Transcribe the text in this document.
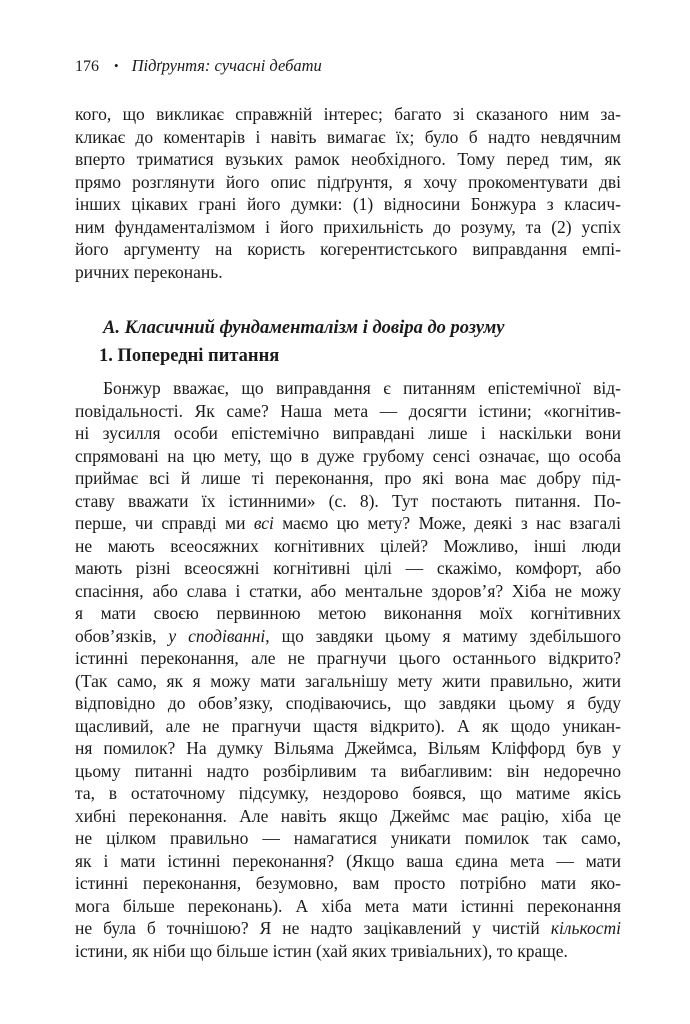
176 • Підґрунтя: сучасні дебати
кого, що викликає справжній інтерес; багато зі сказаного ним за-
кликає до коментарів і навіть вимагає їх; було б надто невдячним
вперто триматися вузьких рамок необхідного. Тому перед тим, як
прямо розглянути його опис підґрунтя, я хочу прокоментувати дві
інших цікавих грані його думки: (1) відносини Бонжура з класич-
ним фундаменталізмом і його прихильність до розуму, та (2) успіх
його аргументу на користь когерентистського виправдання емпі-
ричних переконань.
А. Класичний фундаменталізм і довіра до розуму
1. Попередні питання
Бонжур вважає, що виправдання є питанням епістемічної від-
повідальності. Як саме? Наша мета — досягти істини; «когнітив-
ні зусилля особи епістемічно виправдані лише і наскільки вони
спрямовані на цю мету, що в дуже грубому сенсі означає, що особа
приймає всі й лише ті переконання, про які вона має добру під-
ставу вважати їх істинними» (с. 8). Тут постають питання. По-
перше, чи справді ми всі маємо цю мету? Може, деякі з нас взагалі
не мають всеосяжних когнітивних цілей? Можливо, інші люди
мають різні всеосяжні когнітивні цілі — скажімо, комфорт, або
спасіння, або слава і статки, або ментальне здоров’я? Хіба не можу
я мати своєю первинною метою виконання моїх когнітивних
обов’язків, у сподіванні, що завдяки цьому я матиму здебільшого
істинні переконання, але не прагнучи цього останнього відкрито?
(Так само, як я можу мати загальнішу мету жити правильно, жити
відповідно до обов’язку, сподіваючись, що завдяки цьому я буду
щасливий, але не прагнучи щастя відкрито). А як щодо уникан-
ня помилок? На думку Вільяма Джеймса, Вільям Кліффорд був у
цьому питанні надто розбірливим та вибагливим: він недоречно
та, в остаточному підсумку, нездорово боявся, що матиме якісь
хибні переконання. Але навіть якщо Джеймс має рацію, хіба це
не цілком правильно — намагатися уникати помилок так само,
як і мати істинні переконання? (Якщо ваша єдина мета — мати
істинні переконання, безумовно, вам просто потрібно мати яко-
мога більше переконань). А хіба мета мати істинні переконання
не була б точнішою? Я не надто зацікавлений у чистій кількості
істини, як ніби що більше істин (хай яких тривіальних), то краще.
